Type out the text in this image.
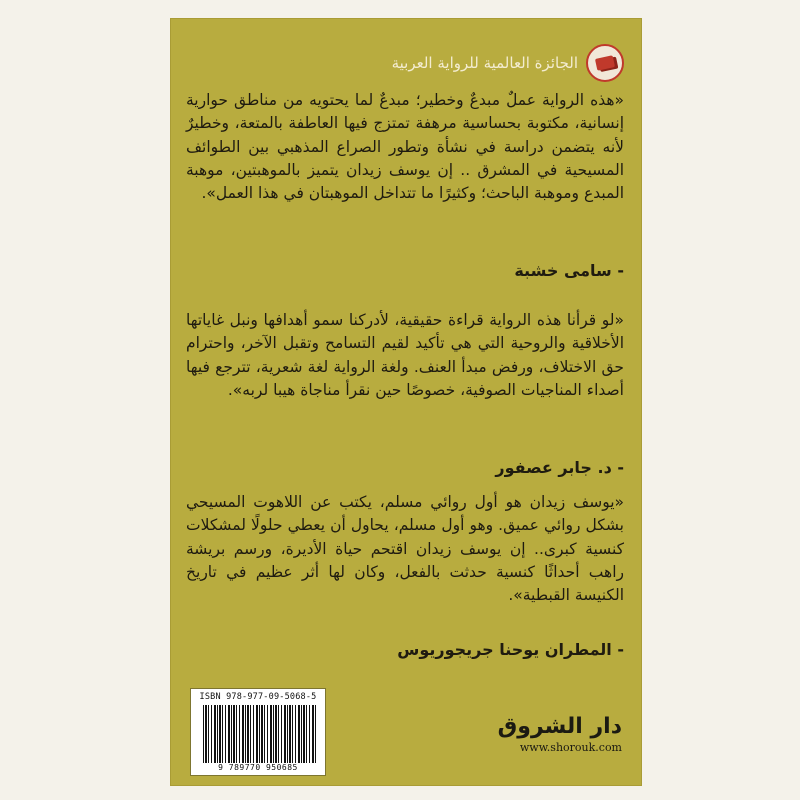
الجائزة العالمية للرواية العربية

«هذه الرواية عملٌ مبدعٌ وخطير؛ مبدعٌ لما يحتويه من مناطق حوارية إنسانية، مكتوبة بحساسية مرهفة تمتزج فيها العاطفة بالمتعة، وخطيرٌ لأنه يتضمن دراسة في نشأة وتطور الصراع المذهبي بين الطوائف المسيحية في المشرق .. إن يوسف زيدان يتميز بالموهبتين، موهبة المبدع وموهبة الباحث؛ وكثيرًا ما تتداخل الموهبتان في هذا العمل».

- سامى خشبة

«لو قرأنا هذه الرواية قراءة حقيقية، لأدركنا سمو أهدافها ونبل غاياتها الأخلاقية والروحية التي هي تأكيد لقيم التسامح وتقبل الآخر، واحترام حق الاختلاف، ورفض مبدأ العنف. ولغة الرواية لغة شعرية، تترجع فيها أصداء المناجيات الصوفية، خصوصًا حين نقرأ مناجاة هيبا لربه».

- د. جابر عصفور

«يوسف زيدان هو أول روائي مسلم، يكتب عن اللاهوت المسيحي بشكل روائي عميق. وهو أول مسلم، يحاول أن يعطي حلولًا لمشكلات كنسية كبرى.. إن يوسف زيدان اقتحم حياة الأديرة، ورسم بريشة راهب أحداثًا كنسية حدثت بالفعل، وكان لها أثر عظيم في تاريخ الكنيسة القبطية».

- المطران يوحنا جريجوريوس
ISBN 978-977-09-5068-5
9 789770 950685
دار الشروق
www.shorouk.com
